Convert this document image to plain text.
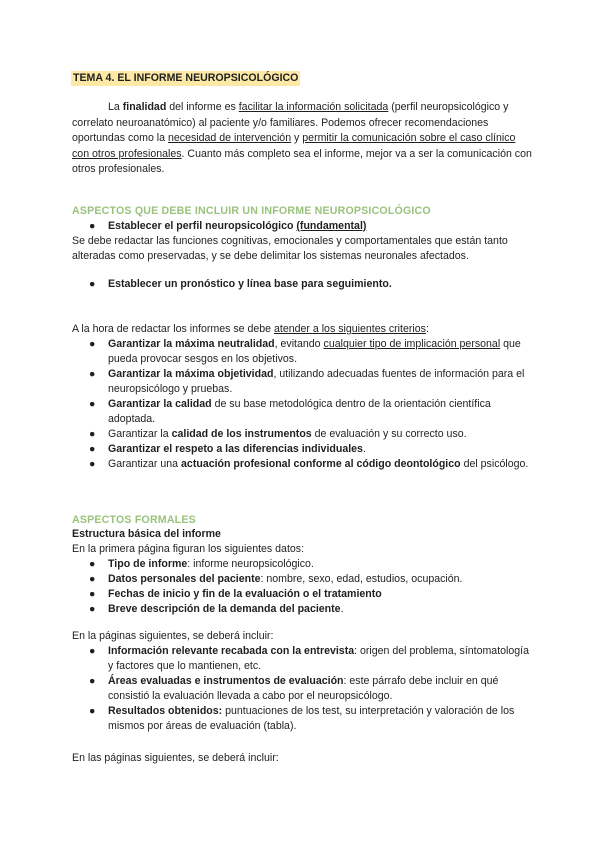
TEMA 4. EL INFORME NEUROPSICOLÓGICO
La finalidad del informe es facilitar la información solicitada (perfil neuropsicológico y correlato neuroanatómico) al paciente y/o familiares. Podemos ofrecer recomendaciones oportundas como la necesidad de intervención y permitir la comunicación sobre el caso clínico con otros profesionales. Cuanto más completo sea el informe, mejor va a ser la comunicación con otros profesionales.
ASPECTOS QUE DEBE INCLUIR UN INFORME NEUROPSICOLÓGICO
● Establecer el perfil neuropsicológico (fundamental)
Se debe redactar las funciones cognitivas, emocionales y comportamentales que están tanto alteradas como preservadas, y se debe delimitar los sistemas neuronales afectados.
● Establecer un pronóstico y línea base para seguimiento.
A la hora de redactar los informes se debe atender a los siguientes criterios:
● Garantizar la máxima neutralidad, evitando cualquier tipo de implicación personal que pueda provocar sesgos en los objetivos.
● Garantizar la máxima objetividad, utilizando adecuadas fuentes de información para el neuropsicólogo y pruebas.
● Garantizar la calidad de su base metodológica dentro de la orientación científica adoptada.
● Garantizar la calidad de los instrumentos de evaluación y su correcto uso.
● Garantizar el respeto a las diferencias individuales.
● Garantizar una actuación profesional conforme al código deontológico del psicólogo.
ASPECTOS FORMALES
Estructura básica del informe
En la primera página figuran los siguientes datos:
● Tipo de informe: informe neuropsicológico.
● Datos personales del paciente: nombre, sexo, edad, estudios, ocupación.
● Fechas de inicio y fin de la evaluación o el tratamiento
● Breve descripción de la demanda del paciente.
En la páginas siguientes, se deberá incluir:
● Información relevante recabada con la entrevista: origen del problema, síntomatología y factores que lo mantienen, etc.
● Áreas evaluadas e instrumentos de evaluación: este párrafo debe incluir en qué consistió la evaluación llevada a cabo por el neuropsicólogo.
● Resultados obtenidos: puntuaciones de los test, su interpretación y valoración de los mismos por áreas de evaluación (tabla).
En las páginas siguientes, se deberá incluir:
